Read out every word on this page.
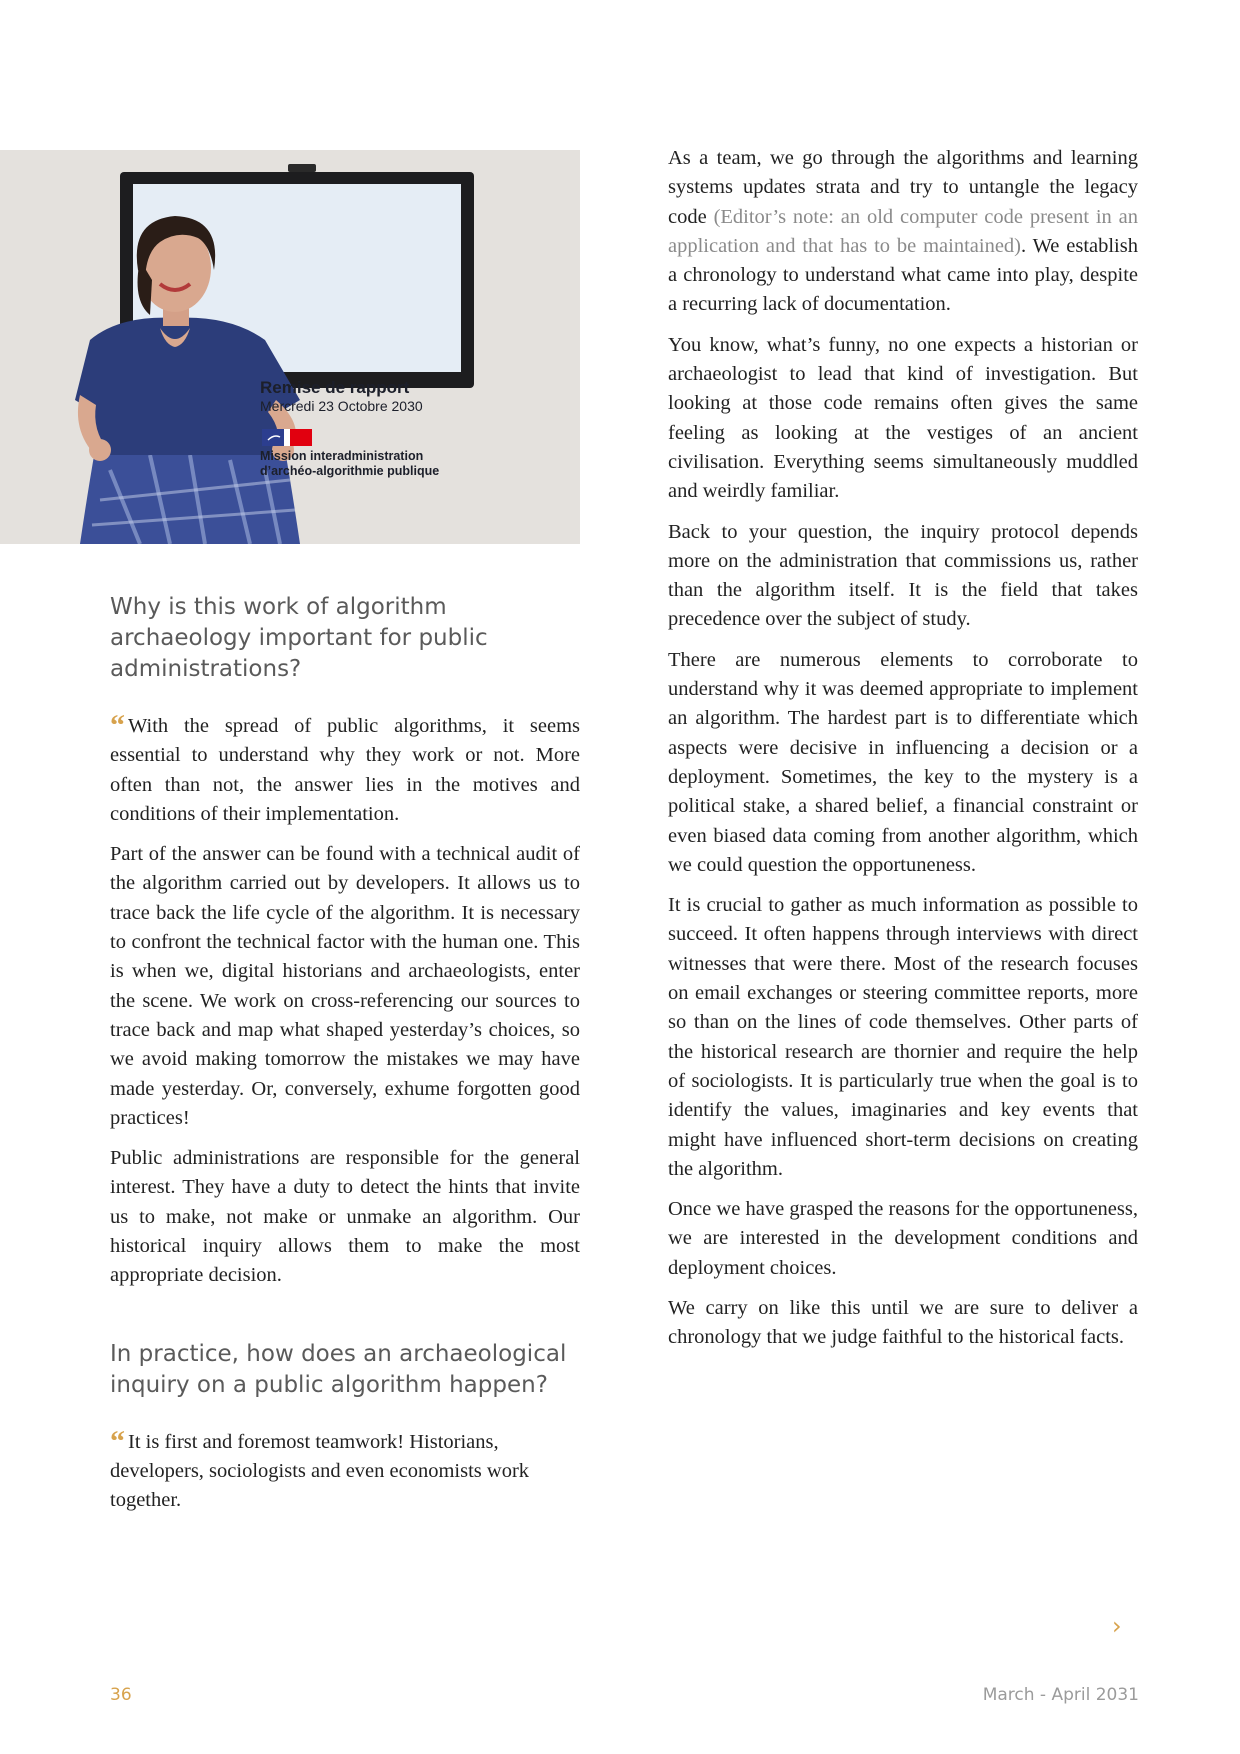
Remise de rapport
Mercredi 23 Octobre 2030
Mission interadministration
d’archéo-algorithmie publique
Why is this work of algorithm archaeology important for public administrations?

“ With the spread of public algorithms, it seems essential to understand why they work or not. More often than not, the answer lies in the motives and conditions of their implementation.

Part of the answer can be found with a technical audit of the algorithm carried out by developers. It allows us to trace back the life cycle of the algorithm. It is necessary to confront the technical factor with the human one. This is when we, digital historians and archaeologists, enter the scene. We work on cross-referencing our sources to trace back and map what shaped yesterday’s choices, so we avoid making tomorrow the mistakes we may have made yesterday. Or, conversely, exhume forgotten good practices!

Public administrations are responsible for the general interest. They have a duty to detect the hints that invite us to make, not make or unmake an algorithm. Our historical inquiry allows them to make the most appropriate decision.

In practice, how does an archaeological inquiry on a public algorithm happen?

“ It is first and foremost teamwork! Historians, developers, sociologists and even economists work together.

As a team, we go through the algorithms and learning systems updates strata and try to untangle the legacy code (Editor’s note: an old computer code present in an application and that has to be maintained). We establish a chronology to understand what came into play, despite a recurring lack of documentation.

You know, what’s funny, no one expects a historian or archaeologist to lead that kind of investigation. But looking at those code remains often gives the same feeling as looking at the vestiges of an ancient civilisation. Everything seems simultaneously muddled and weirdly familiar.

Back to your question, the inquiry protocol depends more on the administration that commissions us, rather than the algorithm itself. It is the field that takes precedence over the subject of study.

There are numerous elements to corroborate to understand why it was deemed appropriate to implement an algorithm. The hardest part is to differentiate which aspects were decisive in influencing a decision or a deployment. Sometimes, the key to the mystery is a political stake, a shared belief, a financial constraint or even biased data coming from another algorithm, which we could question the opportuneness.

It is crucial to gather as much information as possible to succeed. It often happens through interviews with direct witnesses that were there. Most of the research focuses on email exchanges or steering committee reports, more so than on the lines of code themselves. Other parts of the historical research are thornier and require the help of sociologists. It is particularly true when the goal is to identify the values, imaginaries and key events that might have influenced short-term decisions on creating the algorithm.

Once we have grasped the reasons for the opportuneness, we are interested in the development conditions and deployment choices.

We carry on like this until we are sure to deliver a chronology that we judge faithful to the historical facts.

›
36	March - April 2031
